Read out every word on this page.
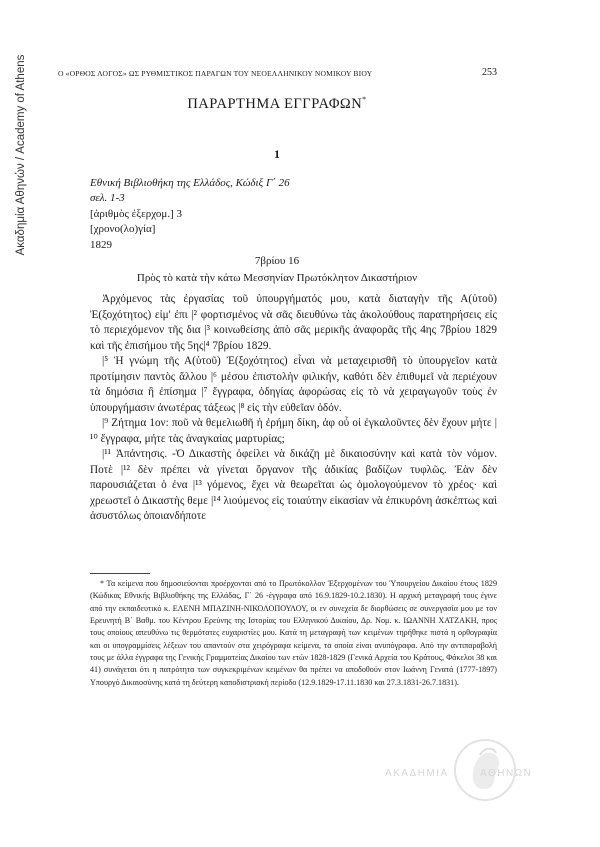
Ακαδημία Αθηνών / Academy of Athens	Ο «ΟΡΘΟΣ ΛΟΓΟΣ» ΩΣ ΡΥΘΜΙΣΤΙΚΟΣ ΠΑΡΑΓΩΝ ΤΟΥ ΝΕΟΕΛΛΗΝΙΚΟΥ ΝΟΜΙΚΟΥ ΒΙΟΥ	253
ΠΑΡΑΡΤΗΜΑ ΕΓΓΡΑΦΩΝ*
1
Εθνική Βιβλιοθήκη της Ελλάδος, Κώδιξ Γ΄ 26
σελ. 1-3
[ἀριθμὸς ἐξερχομ.] 3
[χρονο(λο)γία]
1829
7βρίου 16
Πρὸς τὸ κατὰ τὴν κάτω Μεσσηνίαν Πρωτόκλητον Δικαστήριον

Ἀρχόμενος τὰς ἐργασίας τοῦ ὑπουργήματός μου, κατὰ διαταγὴν τῆς Α(ὐτοῦ) Ἐ(ξοχότητος) εἰμ' ἐπι |² φορτισμένος νὰ σᾶς διευθύνω τὰς ἀκολούθους παρατηρήσεις εἰς τὸ περιεχόμενον τῆς δια |³ κοινωθείσης ἀπὸ σᾶς μερικῆς ἀναφορᾶς τῆς 4ης 7βρίου 1829 καὶ τῆς ἐπισήμου τῆς 5ης|⁴ 7βρίου 1829.

|⁵ Ἡ γνώμη τῆς Α(ὐτοῦ) Ἐ(ξοχότητος) εἶναι νὰ μεταχειρισθῆ τὸ ὑπουργεῖον κατὰ προτίμησιν παντὸς ἄλλου |⁶ μέσου ἐπιστολὴν φιλικήν, καθότι δὲν ἐπιθυμεῖ νὰ περιέχουν τὰ δημόσια ἢ ἐπίσημα |⁷ ἔγγραφα, ὁδηγίας ἀφορώσας εἰς τὸ νὰ χειραγωγοῦν τοὺς ἐν ὑπουργήμασιν ἀνωτέρας τάξεως |⁸ εἰς τὴν εὐθεῖαν ὁδόν.

|⁹ Ζήτημα 1ον: ποῦ νὰ θεμελιωθῆ ἡ ἐρήμη δίκη, ἀφ οὗ οἱ ἐγκαλοῦντες δὲν ἔχουν μήτε |¹⁰ ἔγγραφα, μήτε τὰς ἀναγκαίας μαρτυρίας;

|¹¹ Ἀπάντησις. -Ὁ Δικαστὴς ὀφείλει νὰ δικάζη μὲ δικαιοσύνην καὶ κατὰ τὸν νόμον. Ποτὲ |¹² δὲν πρέπει νὰ γίνεται ὄργανον τῆς ἀδικίας βαδίζων τυφλῶς. Ἐὰν δὲν παρουσιάζεται ὁ ἐνα |¹³ γόμενος, ἔχει νὰ θεωρεῖται ὡς ὁμολογούμενον τὸ χρέος· καὶ χρεωστεῖ ὁ Δικαστὴς θεμε |¹⁴ λιούμενος εἰς τοιαύτην εἰκασίαν νὰ ἐπικυρόνη ἀσκέπτως καὶ ἀσυστόλως ὁποιανδήποτε

* Τα κείμενα που δημοσιεύονται προέρχονται από το Πρωτόκολλον Ἐξερχομένων του Ὑπουργείου Δικαίου έτους 1829 (Κώδικας Εθνικής Βιβλιοθήκης της Ελλάδας, Γ΄ 26 -έγγραφα από 16.9.1829-10.2.1830). Η αρχική μεταγραφή τους έγινε από την εκπαιδευτικό κ. ΕΛΕΝΗ ΜΠΑΖΙΝΗ-ΝΙΚΟΛΟΠΟΥΛΟΥ, οι εν συνεχεία δε διορθώσεις σε συνεργασία μου με τον Ερευνητή Β΄ Βαθμ. του Κέντρου Ερεύνης της Ιστορίας του Ελληνικού Δικαίου, Δρ. Νομ. κ. ΙΩΑΝΝΗ ΧΑΤΖΑΚΗ, προς τους οποίους απευθύνω τις θερμότατες ευχαριστίες μου. Κατά τη μεταγραφή των κειμένων τηρήθηκε πιστά η ορθογραφία και οι υπογραμμίσεις λέξεων του απαντούν στα χειρόγραφα κείμενα, τα οποία είναι ανυπόγραφα. Από την αντιπαραβολή τους με άλλα έγγραφα της Γενικής Γραμματείας Δικαίου των ετών 1828-1829 (Γενικά Αρχεία του Κράτους, Φάκελοι 38 και 41) συνάγεται ότι η πατρότητα των συγκεκριμένων κειμένων θα πρέπει να αποδοθούν στον Ιωάννη Γενατά (1777-1897) Υπουργό Δικαιοσύνης κατά τη δεύτερη καποδιστριακή περίοδο (12.9.1829-17.11.1830 και 27.3.1831-26.7.1831).

ΑΚΑΔΗΜΙΑ	ΑΘΗΝΩΝ
